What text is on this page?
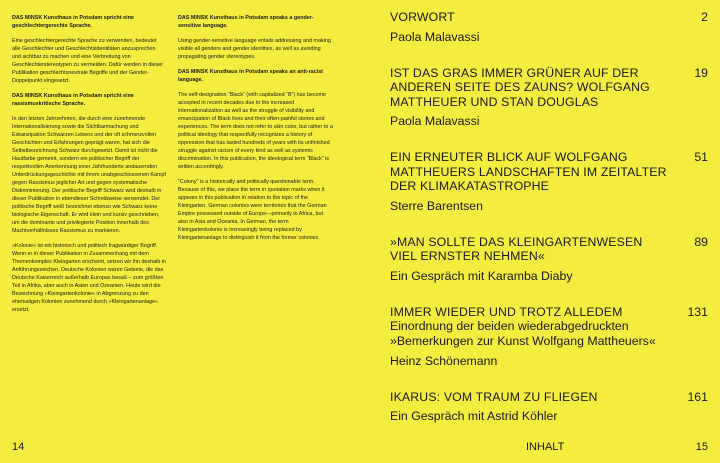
DAS MINSK Kunsthaus in Potsdam spricht eine geschlechtergerechte Sprache.

Eine geschlechtergerechte Sprache zu verwenden, bedeutet alle Geschlechter und Geschlechtsidentitäten anzusprechen und sichtbar zu machen und eine Verbreitung von Geschlechterstereotypen zu vermeiden. Dafür werden in dieser Publikation geschlechtsneutrale Begriffe und der Gender-Doppelpunkt eingesetzt.

DAS MINSK Kunsthaus in Potsdam spricht eine rassismuskritische Sprache.

In den letzten Jahrzehnten, die durch eine zunehmende Internationalisierung sowie die Sichtbarmachung und Exkanzipation Schwarzen Lebens und der oft schmerzvollen Geschichten und Erfahrungen geprägt waren, hat sich die Selbstbezeichnung Schwarz durchgesetzt. Damit ist nicht die Hautfarbe gemeint, sondern ein politischer Begriff der respektvollen Anerkennung einer Jahrhunderte andauernden Unterdrückungsgeschichte mit ihrem unabgeschlossenen Kampf gegen Rassismus jeglicher Art und gegen systematische Diskriminierung. Der politische Begriff Schwarz wird deshalb in dieser Publikation in ebendieser Schreibweise verwendet. Der politische Begriff weiß bezeichnet ebenso wie Schwarz keine biologische Eigenschaft. Er wird klein und kursiv geschrieben, um die dominante und privilegierte Position innerhalb des Machtverhältnisses Rassismus zu markieren.

»Kolonie« ist ein historisch und politisch fragwürdiger Begriff. Wenn er in dieser Publikation in Zusammenhang mit dem Themenkomplex Kleingarten erscheint, setzen wir ihn deshalb in Anführungszeichen. Deutsche Kolonien waren Gebiete, die das Deutsche Kaiserreich außerhalb Europas besaß – zum größten Teil in Afrika, aber auch in Asien und Ozeanien. Heute wird die Bezeichnung »Kleingartenkolonie« in Abgrenzung zu den ehemaligen Kolonien zunehmend durch »Kleingartenanlage« ersetzt.

DAS MINSK Kunsthaus in Potsdam speaks a gender-sensitive language.

Using gender-sensitive language entails addressing and making visible all genders and gender identities, as well as avoiding propagating gender stereotypes.

DAS MINSK Kunsthaus in Potsdam speaks an anti-racist language.

The self-designation “Black” (with capitalized “B”) has become accepted in recent decades due to the increased internationalization as well as the struggle of visibility and emancipation of Black lives and their often-painful stories and experiences. The term does not refer to skin color, but rather to a political ideology that respectfully recognizes a history of oppression that has lasted hundreds of years with its unfinished struggle against racism of every kind as well as systemic discrimination. In this publication, the ideological term “Black” is written accordingly.

“Colony” is a historically and politically questionable term. Because of this, we place the term in quotation marks when it appears in this publication in relation to the topic of the Kleingarten. German colonies were territories that the German Empire possessed outside of Europe—primarily in Africa, but also in Asia and Oceania. In German, the term Kleingartenkolonie is increasingly being replaced by Kleingartenanlage to distinguish it from the former colonies.

14
VORWORT
Paola Malavassi
2
IST DAS GRAS IMMER GRÜNER AUF DER ANDEREN SEITE DES ZAUNS? WOLFGANG MATTHEUER UND STAN DOUGLAS
Paola Malavassi
19
EIN ERNEUTER BLICK AUF WOLFGANG MATTHEUERS LANDSCHAFTEN IM ZEITALTER DER KLIMAKATASTROPHE
Sterre Barentsen
51
»MAN SOLLTE DAS KLEINGARTENWESEN VIEL ERNSTER NEHMEN«
Ein Gespräch mit Karamba Diaby
89
IMMER WIEDER UND TROTZ ALLEDEM
Einordnung der beiden wiederabgedruckten »Bemerkungen zur Kunst Wolfgang Mattheuers«
Heinz Schönemann
131
IKARUS: VOM TRAUM ZU FLIEGEN
Ein Gespräch mit Astrid Köhler
161
INHALT	15
